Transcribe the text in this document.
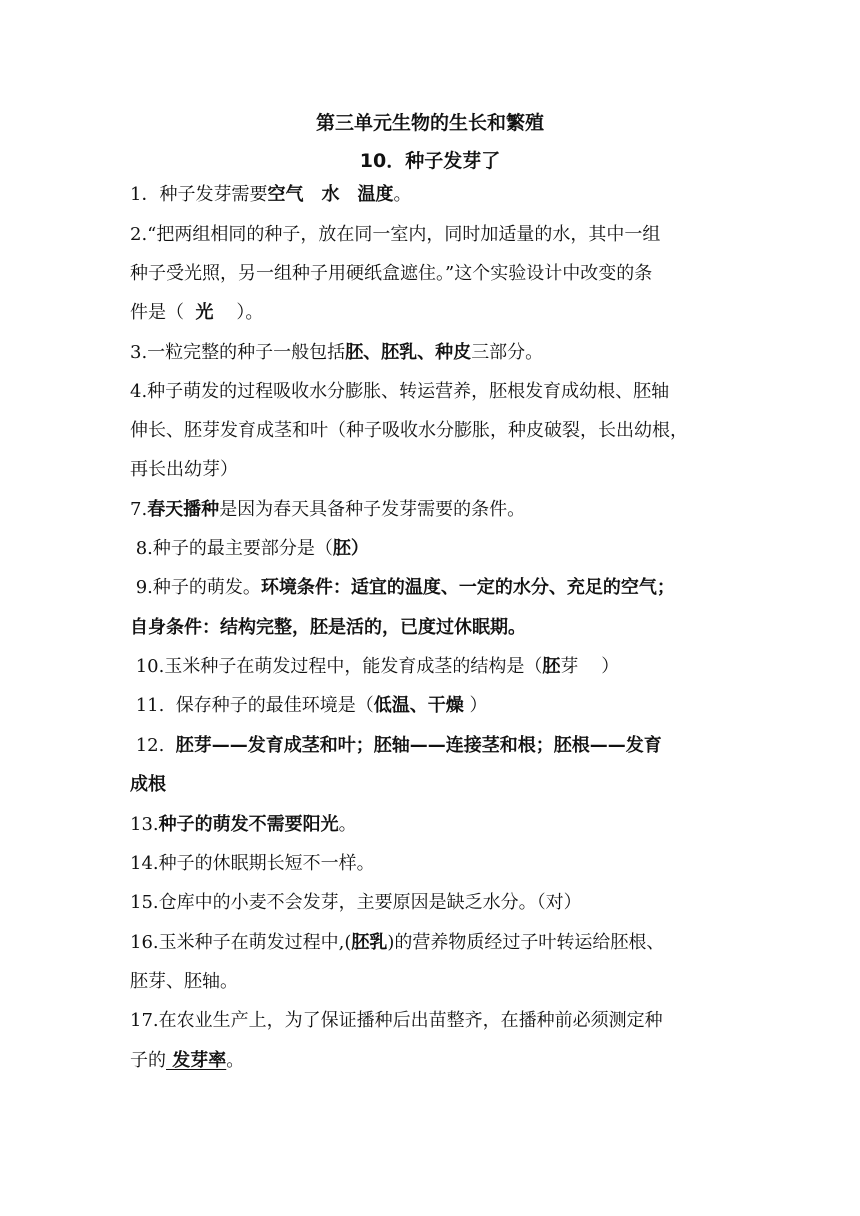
第三单元生物的生长和繁殖
10．种子发芽了
1．种子发芽需要空气　水　温度。
2.“把两组相同的种子，放在同一室内，同时加适量的水，其中一组
种子受光照，另一组种子用硬纸盒遮住。”这个实验设计中改变的条
件是（  光    ）。
3.一粒完整的种子一般包括胚、胚乳、种皮三部分。
4.种子萌发的过程吸收水分膨胀、转运营养，胚根发育成幼根、胚轴
伸长、胚芽发育成茎和叶（种子吸收水分膨胀，种皮破裂，长出幼根，
再长出幼芽）
7.春天播种是因为春天具备种子发芽需要的条件。
8.种子的最主要部分是（胚）
9.种子的萌发。环境条件：适宜的温度、一定的水分、充足的空气；
自身条件：结构完整，胚是活的，已度过休眠期。
10.玉米种子在萌发过程中，能发育成茎的结构是（胚芽    ）
11.  保存种子的最佳环境是（低温、干燥 ）
12.  胚芽——发育成茎和叶；胚轴——连接茎和根；胚根——发育
成根
13.种子的萌发不需要阳光。
14.种子的休眠期长短不一样。
15.仓库中的小麦不会发芽，主要原因是缺乏水分。（对）
16.玉米种子在萌发过程中,(胚乳)的营养物质经过子叶转运给胚根、
胚芽、胚轴。
17.在农业生产上，为了保证播种后出苗整齐，在播种前必须测定种
子的 发芽率。
